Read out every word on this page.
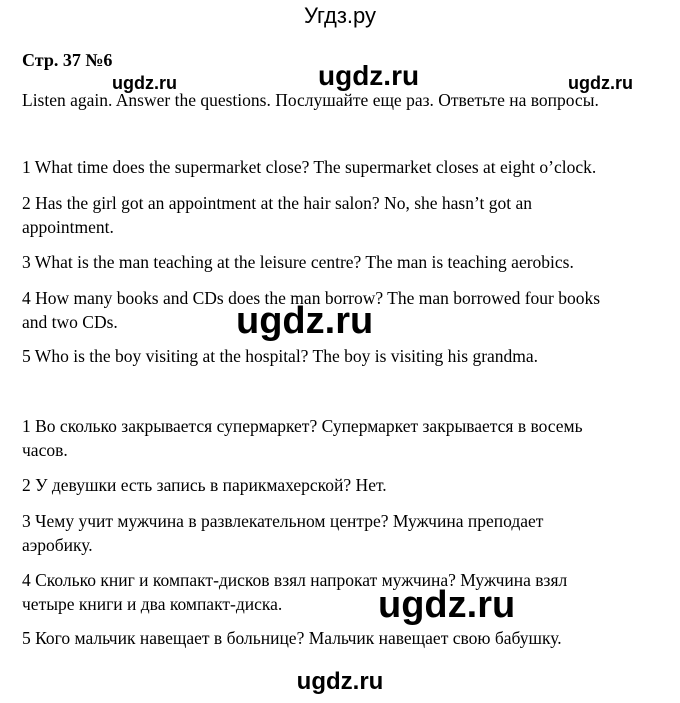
Угдз.ру
Стр. 37 №6
ugdz.ru	ugdz.ru	ugdz.ru
Listen again. Answer the questions. Послушайте еще раз. Ответьте на вопросы.
1 What time does the supermarket close? The supermarket closes at eight o’clock.
2 Has the girl got an appointment at the hair salon? No, she hasn’t got an
appointment.
3 What is the man teaching at the leisure centre? The man is teaching aerobics.
4 How many books and CDs does the man borrow? The man borrowed four books
and two CDs.
5 Who is the boy visiting at the hospital? The boy is visiting his grandma.
ugdz.ru
1 Во сколько закрывается супермаркет? Супермаркет закрывается в восемь
часов.
2 У девушки есть запись в парикмахерской? Нет.
3 Чему учит мужчина в развлекательном центре? Мужчина преподает
аэробику.
4 Сколько книг и компакт-дисков взял напрокат мужчина? Мужчина взял
четыре книги и два компакт-диска.
5 Кого мальчик навещает в больнице? Мальчик навещает свою бабушку.
ugdz.ru
ugdz.ru
